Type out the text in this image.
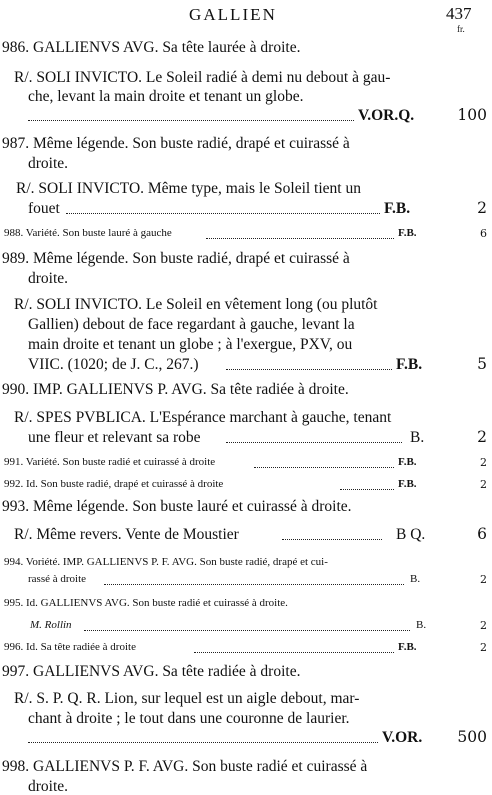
GALLIEN	437
fr.
986. GALLIENVS AVG. Sa tête laurée à droite.
R/. SOLI INVICTO. Le Soleil radié à demi nu debout à gau-
che, levant la main droite et tenant un globe.
V.OR.Q.	100
987. Même légende. Son buste radié, drapé et cuirassé à
droite.
R/. SOLI INVICTO. Même type, mais le Soleil tient un
fouet	F.B.	2
988. Variété. Son buste lauré à gauche	F.B.	6
989. Même légende. Son buste radié, drapé et cuirassé à
droite.
R/. SOLI INVICTO. Le Soleil en vêtement long (ou plutôt
Gallien) debout de face regardant à gauche, levant la
main droite et tenant un globe ; à l'exergue, PXV, ou
VIIC. (1020; de J. C., 267.)	F.B.	5
990. IMP. GALLIENVS P. AVG. Sa tête radiée à droite.
R/. SPES PVBLICA. L'Espérance marchant à gauche, tenant
une fleur et relevant sa robe	B.	2
991. Variété. Son buste radié et cuirassé à droite	F.B.	2
992. Id. Son buste radié, drapé et cuirassé à droite	F.B.	2
993. Même légende. Son buste lauré et cuirassé à droite.
R/. Même revers. Vente de Moustier	B Q.	6
994. Voriété. IMP. GALLIENVS P. F. AVG. Son buste radié, drapé et cui-
rassé à droite	B.	2
995. Id. GALLIENVS AVG. Son buste radié et cuirassé à droite.
M. Rollin	B.	2
996. Id. Sa tête radiée à droite	F.B.	2
997. GALLIENVS AVG. Sa tête radiée à droite.
R/. S. P. Q. R. Lion, sur lequel est un aigle debout, mar-
chant à droite ; le tout dans une couronne de laurier.
V.OR.	500
998. GALLIENVS P. F. AVG. Son buste radié et cuirassé à
droite.
